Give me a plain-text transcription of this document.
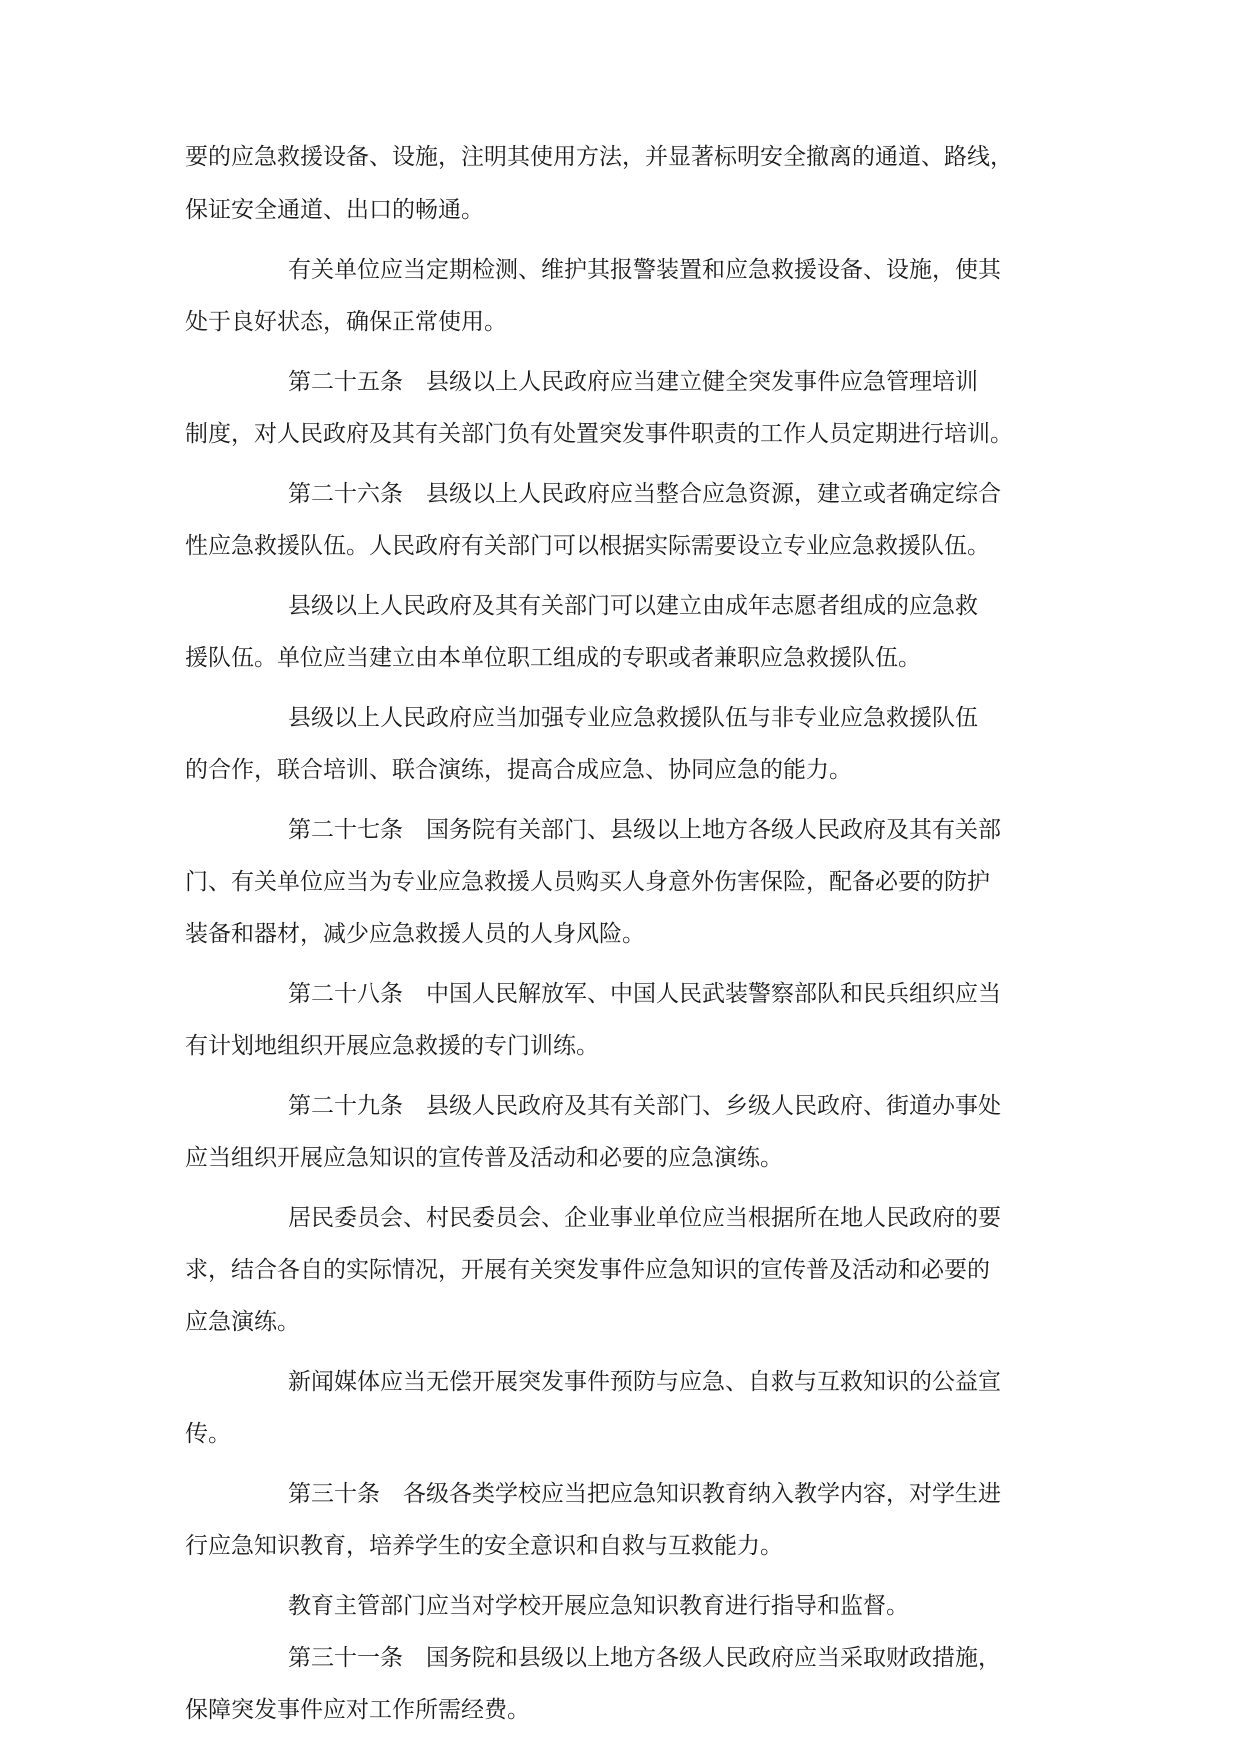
要的应急救援设备、设施，注明其使用方法，并显著标明安全撤离的通道、路线，

保证安全通道、出口的畅通。

有关单位应当定期检测、维护其报警装置和应急救援设备、设施，使其

处于良好状态，确保正常使用。

第二十五条　县级以上人民政府应当建立健全突发事件应急管理培训

制度，对人民政府及其有关部门负有处置突发事件职责的工作人员定期进行培训。

第二十六条　县级以上人民政府应当整合应急资源，建立或者确定综合

性应急救援队伍。人民政府有关部门可以根据实际需要设立专业应急救援队伍。

县级以上人民政府及其有关部门可以建立由成年志愿者组成的应急救

援队伍。单位应当建立由本单位职工组成的专职或者兼职应急救援队伍。

县级以上人民政府应当加强专业应急救援队伍与非专业应急救援队伍

的合作，联合培训、联合演练，提高合成应急、协同应急的能力。

第二十七条　国务院有关部门、县级以上地方各级人民政府及其有关部

门、有关单位应当为专业应急救援人员购买人身意外伤害保险，配备必要的防护

装备和器材，减少应急救援人员的人身风险。

第二十八条　中国人民解放军、中国人民武装警察部队和民兵组织应当

有计划地组织开展应急救援的专门训练。

第二十九条　县级人民政府及其有关部门、乡级人民政府、街道办事处

应当组织开展应急知识的宣传普及活动和必要的应急演练。

居民委员会、村民委员会、企业事业单位应当根据所在地人民政府的要

求，结合各自的实际情况，开展有关突发事件应急知识的宣传普及活动和必要的

应急演练。

新闻媒体应当无偿开展突发事件预防与应急、自救与互救知识的公益宣

传。

第三十条　各级各类学校应当把应急知识教育纳入教学内容，对学生进

行应急知识教育，培养学生的安全意识和自救与互救能力。

教育主管部门应当对学校开展应急知识教育进行指导和监督。

第三十一条　国务院和县级以上地方各级人民政府应当采取财政措施，

保障突发事件应对工作所需经费。
